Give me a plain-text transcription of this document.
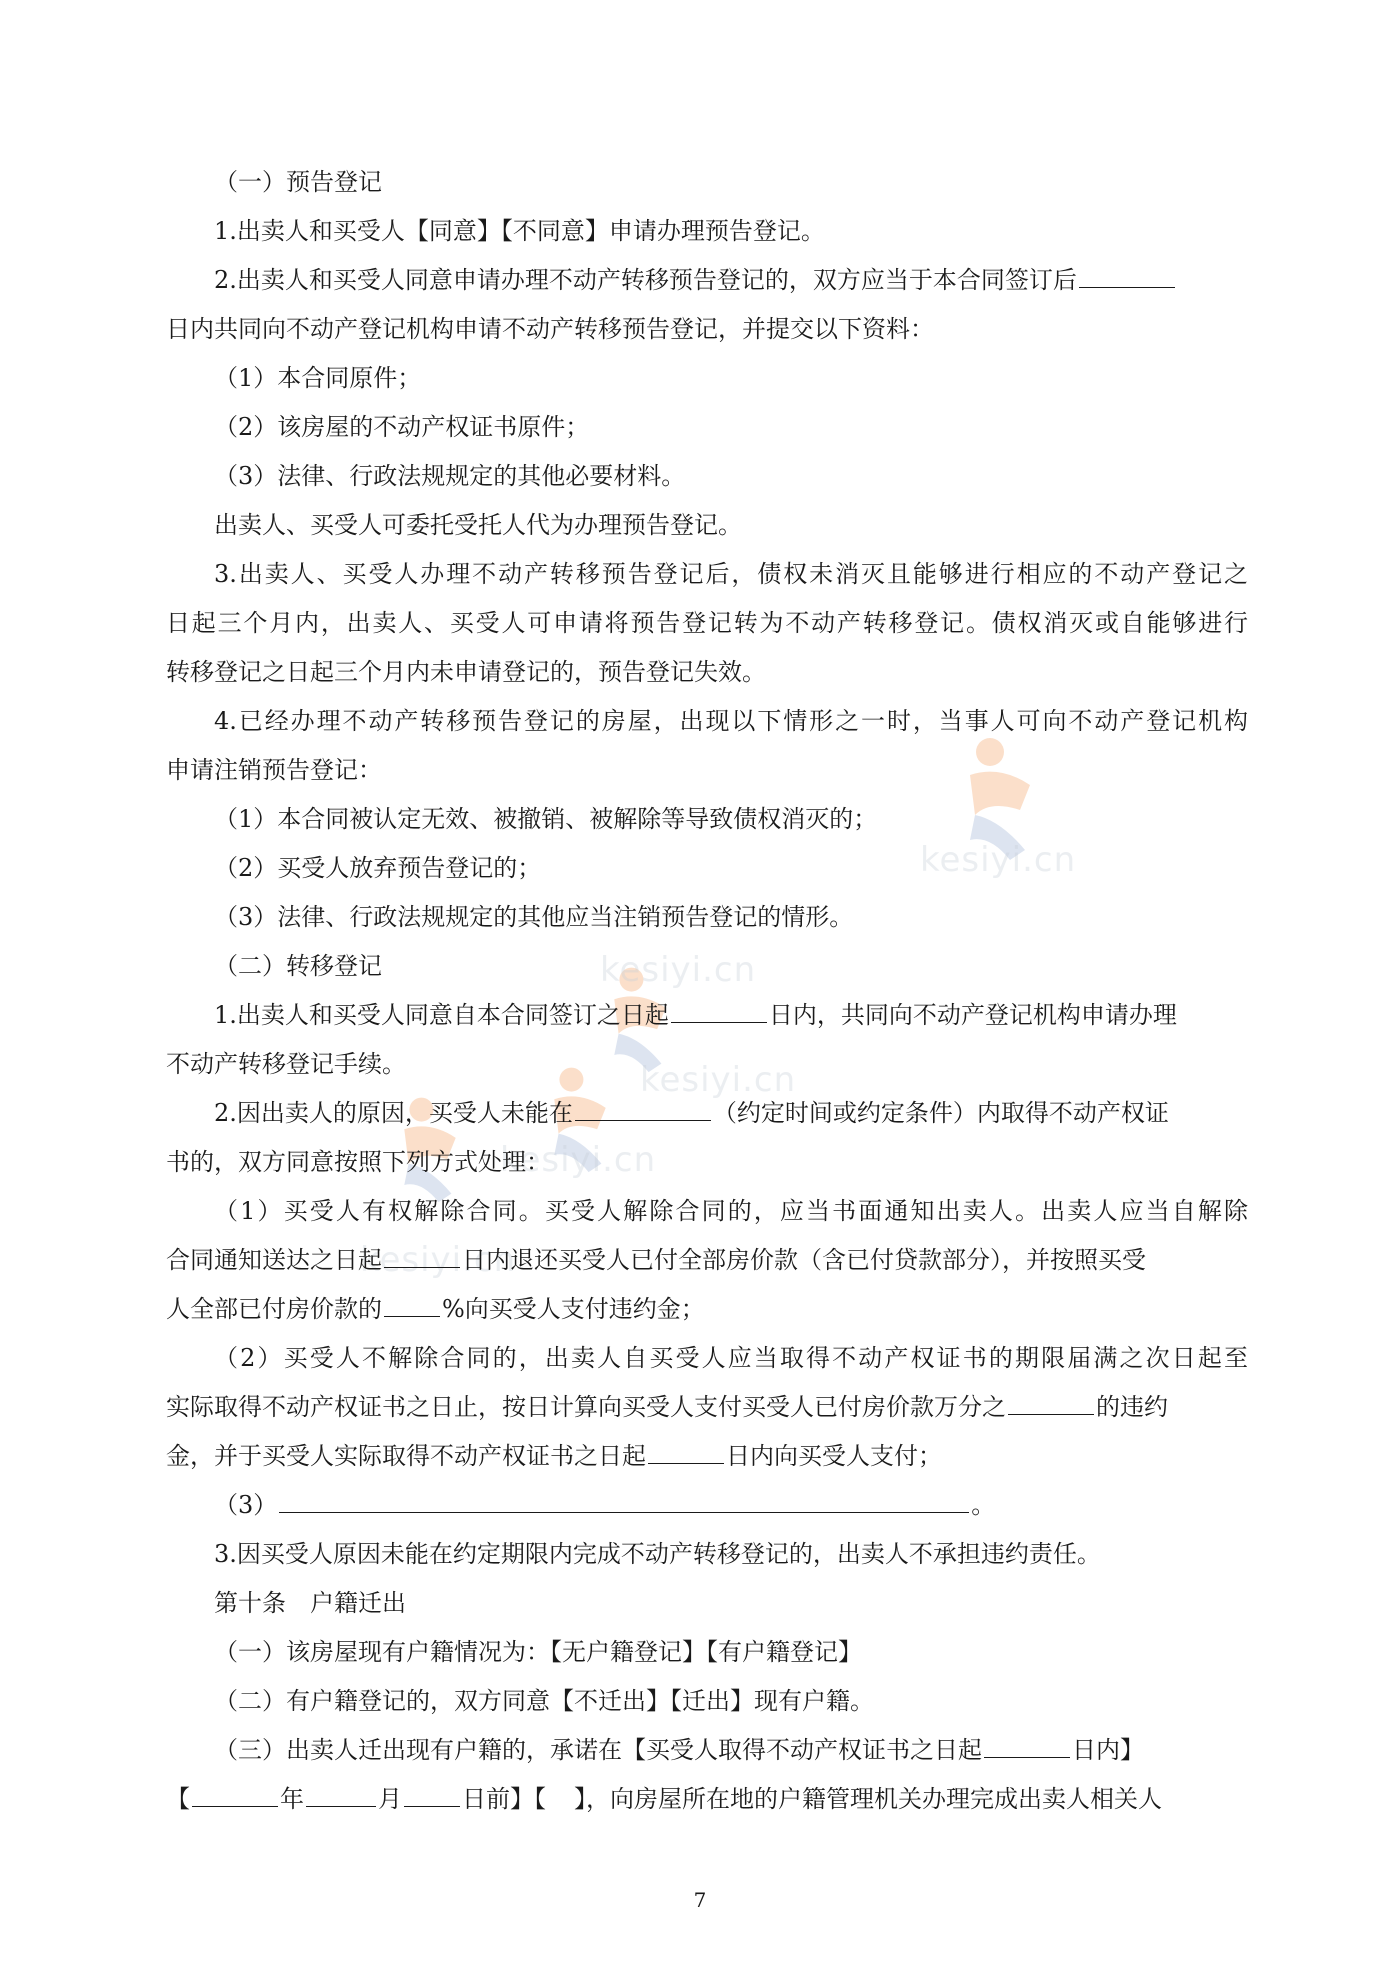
kesiyi.cn
kesiyi.cn
kesiyi.cn
kesiyi.cn
kesiyi.cn
（一）预告登记
1.出卖人和买受人【同意】【不同意】申请办理预告登记。
2.出卖人和买受人同意申请办理不动产转移预告登记的，双方应当于本合同签订后
日内共同向不动产登记机构申请不动产转移预告登记，并提交以下资料：
（1）本合同原件；
（2）该房屋的不动产权证书原件；
（3）法律、行政法规规定的其他必要材料。
出卖人、买受人可委托受托人代为办理预告登记。
3.出卖人、买受人办理不动产转移预告登记后，债权未消灭且能够进行相应的不动产登记之
日起三个月内，出卖人、买受人可申请将预告登记转为不动产转移登记。债权消灭或自能够进行
转移登记之日起三个月内未申请登记的，预告登记失效。
4.已经办理不动产转移预告登记的房屋，出现以下情形之一时，当事人可向不动产登记机构
申请注销预告登记：
（1）本合同被认定无效、被撤销、被解除等导致债权消灭的；
（2）买受人放弃预告登记的；
（3）法律、行政法规规定的其他应当注销预告登记的情形。
（二）转移登记
1.出卖人和买受人同意自本合同签订之日起	日内，共同向不动产登记机构申请办理
不动产转移登记手续。
2.因出卖人的原因，买受人未能在	（约定时间或约定条件）内取得不动产权证
书的，双方同意按照下列方式处理：
（1）买受人有权解除合同。买受人解除合同的，应当书面通知出卖人。出卖人应当自解除
合同通知送达之日起	日内退还买受人已付全部房价款（含已付贷款部分），并按照买受
人全部已付房价款的	%向买受人支付违约金；
（2）买受人不解除合同的，出卖人自买受人应当取得不动产权证书的期限届满之次日起至
实际取得不动产权证书之日止，按日计算向买受人支付买受人已付房价款万分之	的违约
金，并于买受人实际取得不动产权证书之日起	日内向买受人支付；
（3）	。
3.因买受人原因未能在约定期限内完成不动产转移登记的，出卖人不承担违约责任。
第十条　户籍迁出
（一）该房屋现有户籍情况为：【无户籍登记】【有户籍登记】
（二）有户籍登记的，双方同意【不迁出】【迁出】现有户籍。
（三）出卖人迁出现有户籍的，承诺在【买受人取得不动产权证书之日起	日内】
【	年	月	日前】【 】，向房屋所在地的户籍管理机关办理完成出卖人相关人
7
